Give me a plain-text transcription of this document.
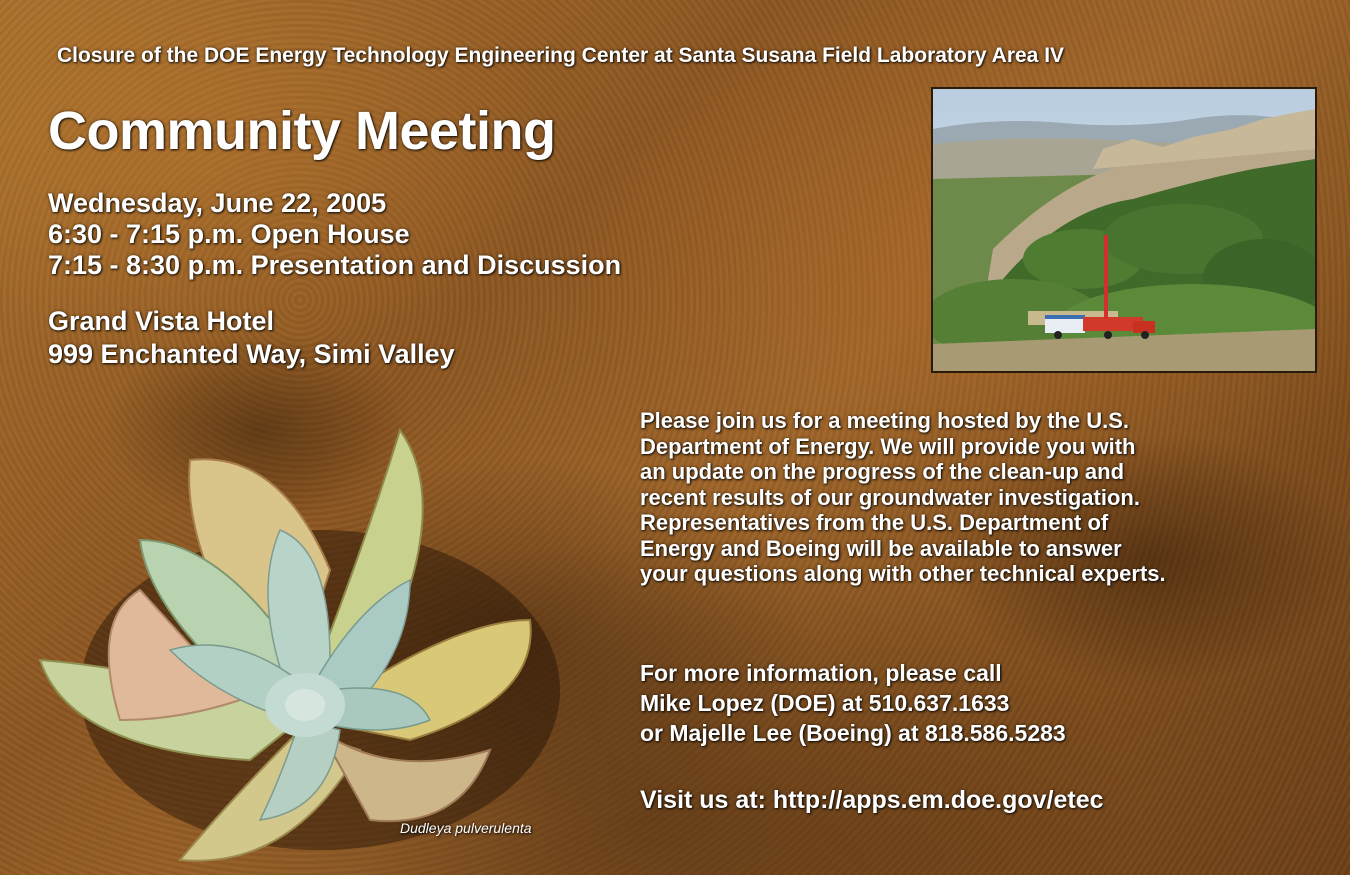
Closure of the DOE Energy Technology Engineering Center at Santa Susana Field Laboratory Area IV
Community Meeting
Wednesday, June 22, 2005
6:30 - 7:15 p.m. Open House
7:15 - 8:30 p.m. Presentation and Discussion
Grand Vista Hotel
999 Enchanted Way, Simi Valley
Dudleya pulverulenta
Please join us for a meeting hosted by the U.S.
Department of Energy. We will provide you with
an update on the progress of the clean-up and
recent results of our groundwater investigation.
Representatives from the U.S. Department of
Energy and Boeing will be available to answer
your questions along with other technical experts.
For more information, please call
Mike Lopez (DOE) at 510.637.1633
or Majelle Lee (Boeing) at 818.586.5283
Visit us at: http://apps.em.doe.gov/etec
